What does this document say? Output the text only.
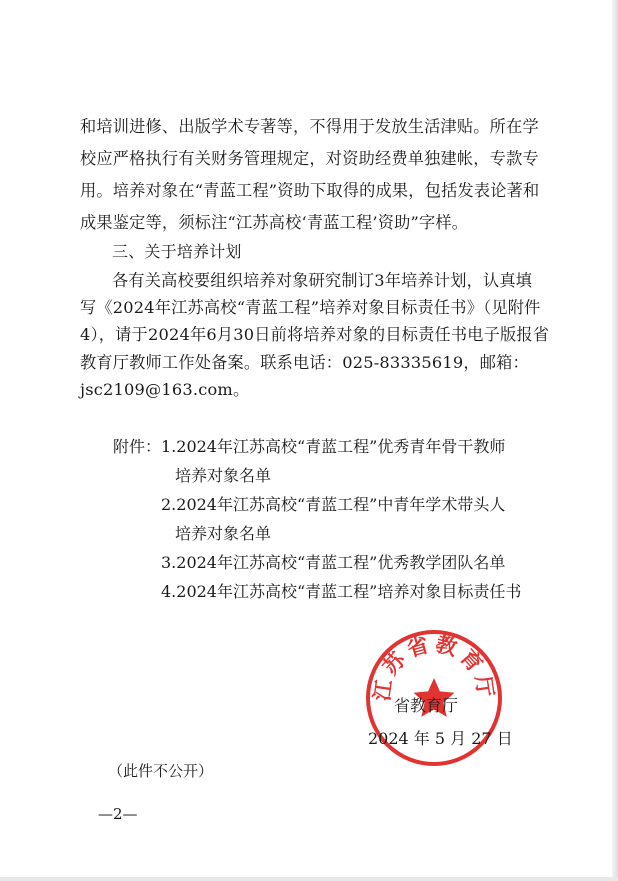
和培训进修、出版学术专著等，不得用于发放生活津贴。所在学
校应严格执行有关财务管理规定，对资助经费单独建帐，专款专
用。培养对象在“青蓝工程”资助下取得的成果，包括发表论著和
成果鉴定等，须标注“江苏高校‘青蓝工程’资助”字样。
三、关于培养计划
各有关高校要组织培养对象研究制订3年培养计划，认真填
写《2024年江苏高校“青蓝工程”培养对象目标责任书》（见附件
4），请于2024年6月30日前将培养对象的目标责任书电子版报省
教育厅教师工作处备案。联系电话：025-83335619，邮箱：
jsc2109@163.com。
附件： 1.2024年江苏高校“青蓝工程”优秀青年骨干教师
培养对象名单
2.2024年江苏高校“青蓝工程”中青年学术带头人
培养对象名单
3.2024年江苏高校“青蓝工程”优秀教学团队名单
4.2024年江苏高校“青蓝工程”培养对象目标责任书
江苏省教育厅
省教育厅
2024 年 5 月 27 日
（此件不公开）
—2—
